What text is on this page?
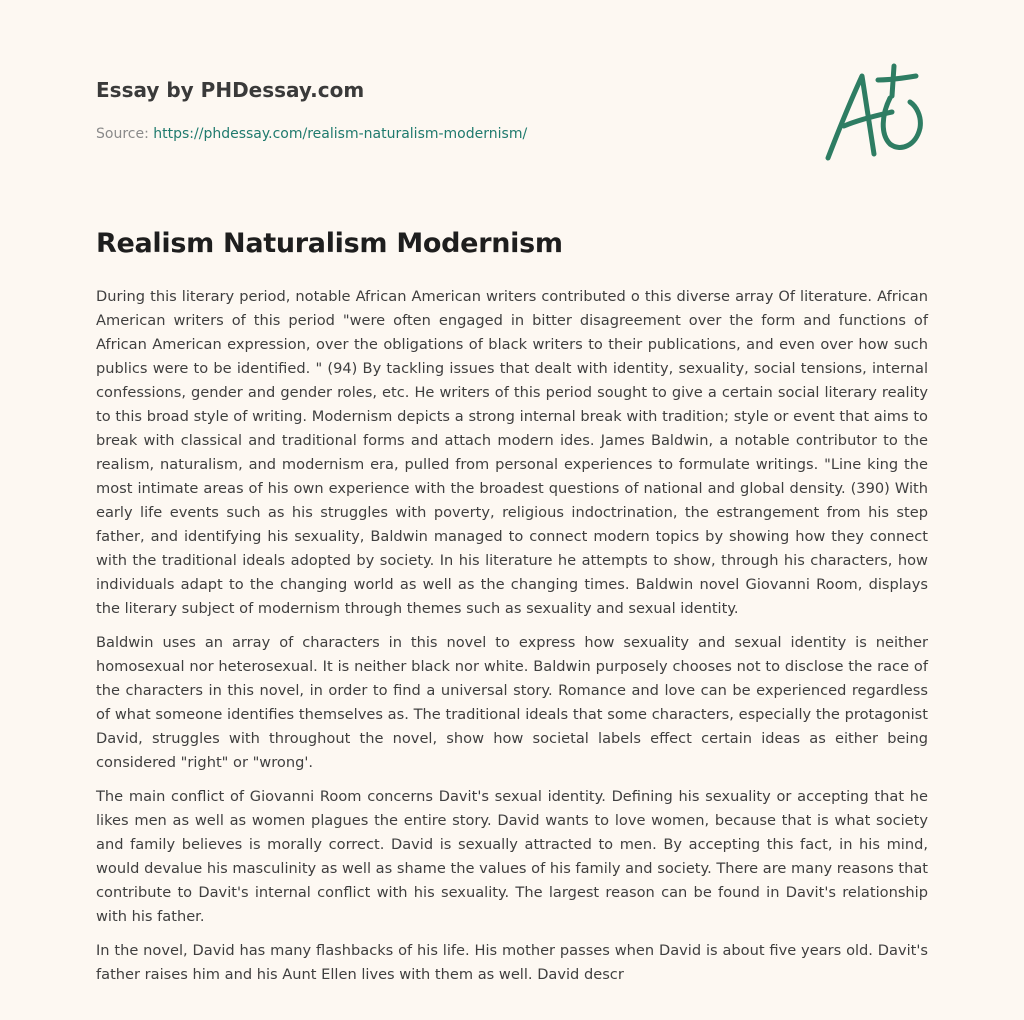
Essay by PHDessay.com
Source: https://phdessay.com/realism-naturalism-modernism/
Realism Naturalism Modernism

During this literary period, notable African American writers contributed o this diverse array Of literature. African American writers of this period "were often engaged in bitter disagreement over the form and functions of African American expression, over the obligations of black writers to their publications, and even over how such publics were to be identified. " (94) By tackling issues that dealt with identity, sexuality, social tensions, internal confessions, gender and gender roles, etc. He writers of this period sought to give a certain social literary reality to this broad style of writing. Modernism depicts a strong internal break with tradition; style or event that aims to break with classical and traditional forms and attach modern ides. James Baldwin, a notable contributor to the realism, naturalism, and modernism era, pulled from personal experiences to formulate writings. "Line king the most intimate areas of his own experience with the broadest questions of national and global density. (390) With early life events such as his struggles with poverty, religious indoctrination, the estrangement from his step father, and identifying his sexuality, Baldwin managed to connect modern topics by showing how they connect with the traditional ideals adopted by society. In his literature he attempts to show, through his characters, how individuals adapt to the changing world as well as the changing times. Baldwin novel Giovanni Room, displays the literary subject of modernism through themes such as sexuality and sexual identity.

Baldwin uses an array of characters in this novel to express how sexuality and sexual identity is neither homosexual nor heterosexual. It is neither black nor white. Baldwin purposely chooses not to disclose the race of the characters in this novel, in order to find a universal story. Romance and love can be experienced regardless of what someone identifies themselves as. The traditional ideals that some characters, especially the protagonist David, struggles with throughout the novel, show how societal labels effect certain ideas as either being considered "right" or "wrong'.

The main conflict of Giovanni Room concerns Davit's sexual identity. Defining his sexuality or accepting that he likes men as well as women plagues the entire story. David wants to love women, because that is what society and family believes is morally correct. David is sexually attracted to men. By accepting this fact, in his mind, would devalue his masculinity as well as shame the values of his family and society. There are many reasons that contribute to Davit's internal conflict with his sexuality. The largest reason can be found in Davit's relationship with his father.

In the novel, David has many flashbacks of his life. His mother passes when David is about five years old. Davit's father raises him and his Aunt Ellen lives with them as well. David descr
